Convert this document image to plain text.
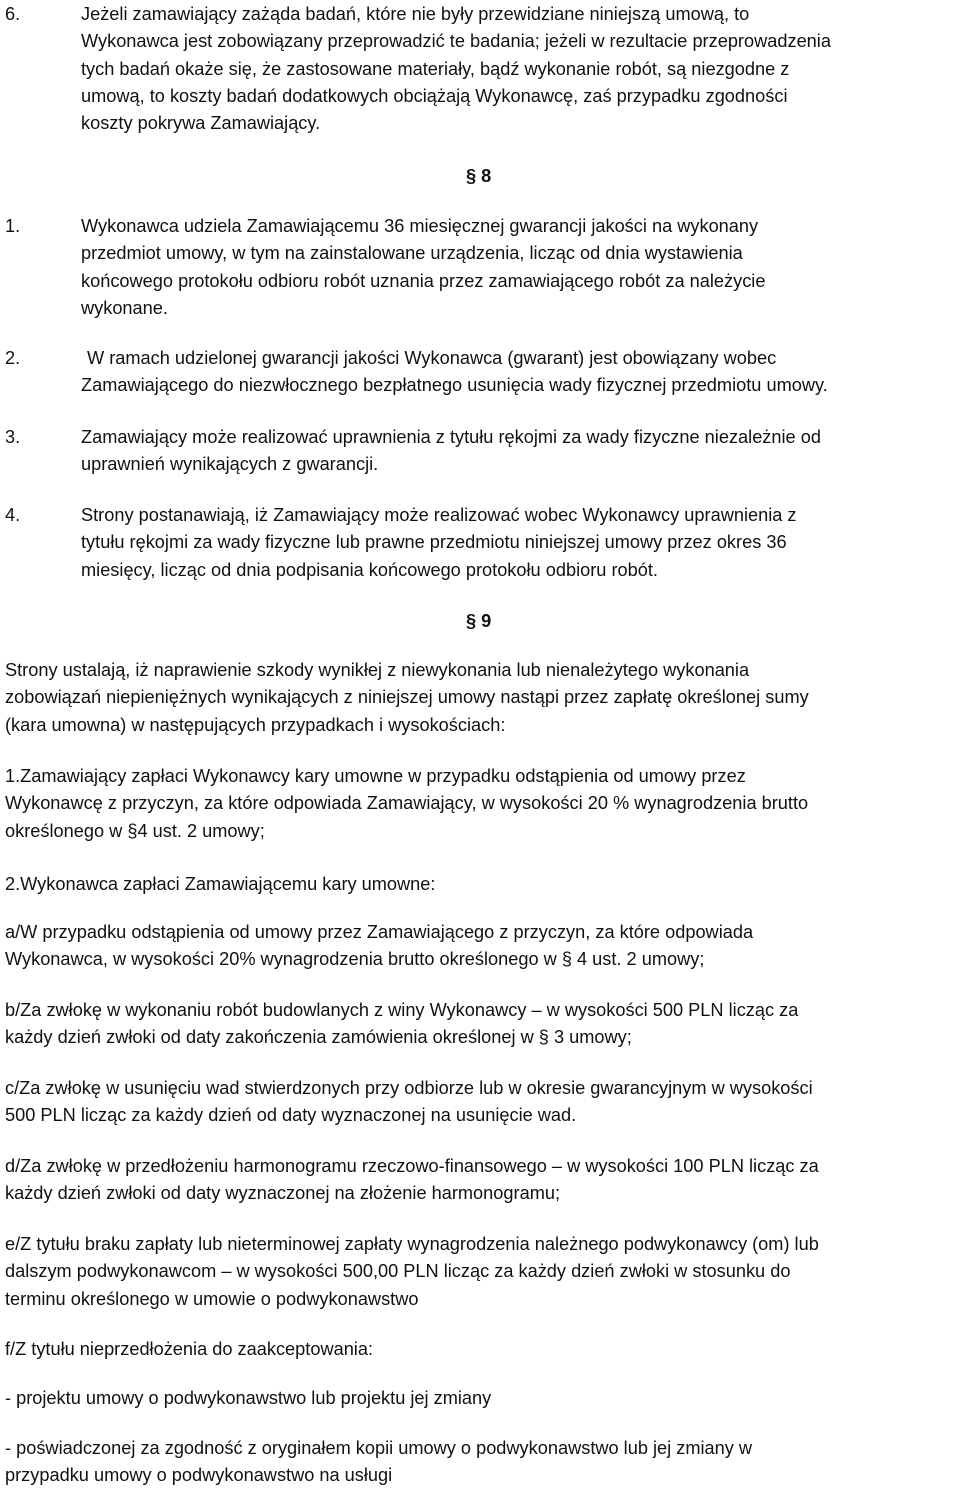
6.	Jeżeli zamawiający zażąda badań, które nie były przewidziane niniejszą umową, to
Wykonawca jest zobowiązany przeprowadzić te badania; jeżeli w rezultacie przeprowadzenia
tych badań okaże się, że zastosowane materiały, bądź wykonanie robót, są niezgodne z
umową, to koszty badań dodatkowych obciążają Wykonawcę, zaś przypadku zgodności
koszty pokrywa Zamawiający.
§ 8
1.	Wykonawca udziela Zamawiającemu 36 miesięcznej gwarancji jakości na wykonany
przedmiot umowy, w tym na zainstalowane urządzenia, licząc od dnia wystawienia
końcowego protokołu odbioru robót uznania przez zamawiającego robót za należycie
wykonane.
2.	W ramach udzielonej gwarancji jakości Wykonawca (gwarant) jest obowiązany wobec
Zamawiającego do niezwłocznego bezpłatnego usunięcia wady fizycznej przedmiotu umowy.
3.	Zamawiający może realizować uprawnienia z tytułu rękojmi za wady fizyczne niezależnie od
uprawnień wynikających z gwarancji.
4.	Strony postanawiają, iż Zamawiający może realizować wobec Wykonawcy uprawnienia z
tytułu rękojmi za wady fizyczne lub prawne przedmiotu niniejszej umowy przez okres 36
miesięcy, licząc od dnia podpisania końcowego protokołu odbioru robót.
§ 9
Strony ustalają, iż naprawienie szkody wynikłej z niewykonania lub nienależytego wykonania
zobowiązań niepieniężnych wynikających z niniejszej umowy nastąpi przez zapłatę określonej sumy
(kara umowna) w następujących przypadkach i wysokościach:
1.Zamawiający zapłaci Wykonawcy kary umowne w przypadku odstąpienia od umowy przez
Wykonawcę z przyczyn, za które odpowiada Zamawiający, w wysokości 20 % wynagrodzenia brutto
określonego w §4 ust. 2 umowy;
2.Wykonawca zapłaci Zamawiającemu kary umowne:
a/W przypadku odstąpienia od umowy przez Zamawiającego z przyczyn, za które odpowiada
Wykonawca, w wysokości 20% wynagrodzenia brutto określonego w § 4 ust. 2 umowy;
b/Za zwłokę w wykonaniu robót budowlanych z winy Wykonawcy – w wysokości 500 PLN licząc za
każdy dzień zwłoki od daty zakończenia zamówienia określonej w § 3 umowy;
c/Za zwłokę w usunięciu wad stwierdzonych przy odbiorze lub w okresie gwarancyjnym w wysokości
500 PLN licząc za każdy dzień od daty wyznaczonej na usunięcie wad.
d/Za zwłokę w przedłożeniu harmonogramu rzeczowo-finansowego – w wysokości 100 PLN licząc za
każdy dzień zwłoki od daty wyznaczonej na złożenie harmonogramu;
e/Z tytułu braku zapłaty lub nieterminowej zapłaty wynagrodzenia należnego podwykonawcy (om) lub
dalszym podwykonawcom – w wysokości 500,00 PLN licząc za każdy dzień zwłoki w stosunku do
terminu określonego w umowie o podwykonawstwo
f/Z tytułu nieprzedłożenia do zaakceptowania:
- projektu umowy o podwykonawstwo lub projektu jej zmiany
- poświadczonej za zgodność z oryginałem kopii umowy o podwykonawstwo lub jej zmiany w
przypadku umowy o podwykonawstwo na usługi
